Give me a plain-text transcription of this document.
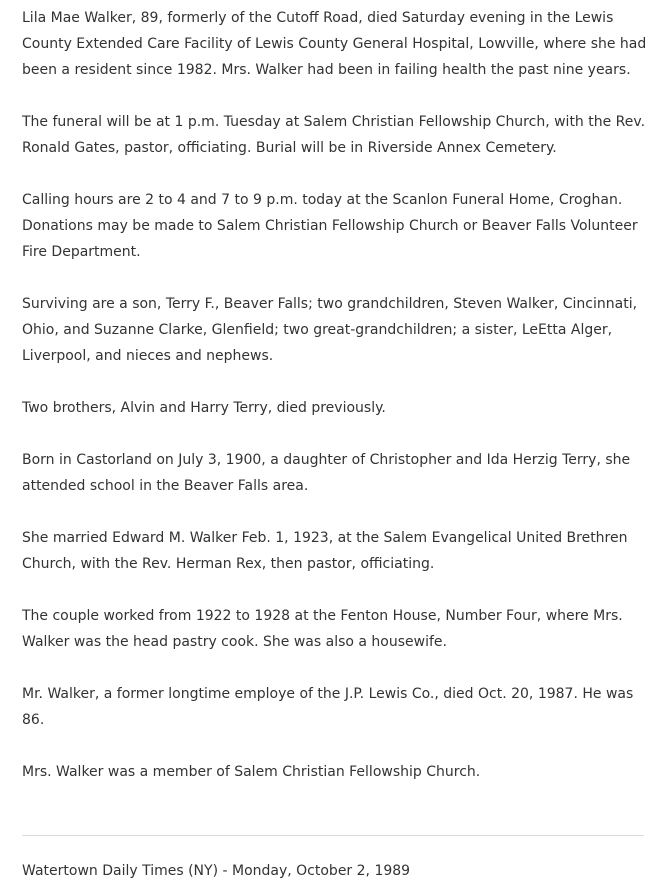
Lila Mae Walker, 89, formerly of the Cutoff Road, died Saturday evening in the Lewis County Extended Care Facility of Lewis County General Hospital, Lowville, where she had been a resident since 1982. Mrs. Walker had been in failing health the past nine years.

The funeral will be at 1 p.m. Tuesday at Salem Christian Fellowship Church, with the Rev. Ronald Gates, pastor, officiating. Burial will be in Riverside Annex Cemetery.

Calling hours are 2 to 4 and 7 to 9 p.m. today at the Scanlon Funeral Home, Croghan. Donations may be made to Salem Christian Fellowship Church or Beaver Falls Volunteer Fire Department.

Surviving are a son, Terry F., Beaver Falls; two grandchildren, Steven Walker, Cincinnati, Ohio, and Suzanne Clarke, Glenfield; two great-grandchildren; a sister, LeEtta Alger, Liverpool, and nieces and nephews.

Two brothers, Alvin and Harry Terry, died previously.

Born in Castorland on July 3, 1900, a daughter of Christopher and Ida Herzig Terry, she attended school in the Beaver Falls area.

She married Edward M. Walker Feb. 1, 1923, at the Salem Evangelical United Brethren Church, with the Rev. Herman Rex, then pastor, officiating.

The couple worked from 1922 to 1928 at the Fenton House, Number Four, where Mrs. Walker was the head pastry cook. She was also a housewife.

Mr. Walker, a former longtime employe of the J.P. Lewis Co., died Oct. 20, 1987. He was 86.

Mrs. Walker was a member of Salem Christian Fellowship Church.

Watertown Daily Times (NY) - Monday, October 2, 1989
